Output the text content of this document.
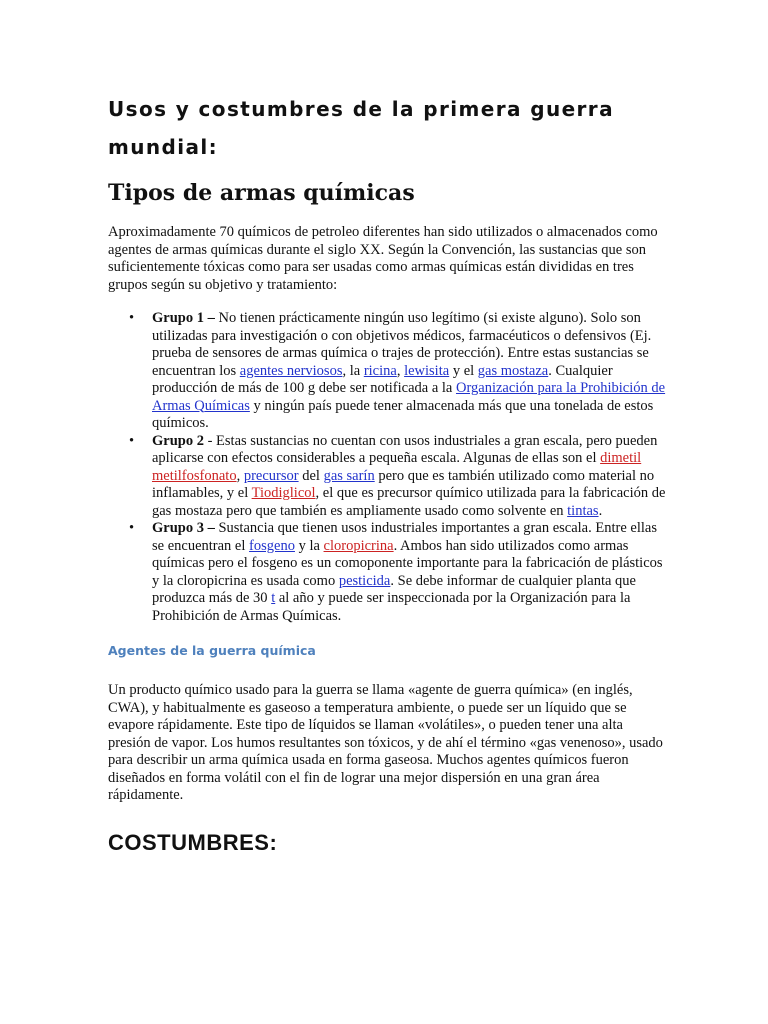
Usos y costumbres de la primera guerra mundial:
Tipos de armas químicas

Aproximadamente 70 químicos de petroleo diferentes han sido utilizados o almacenados como agentes de armas químicas durante el siglo XX. Según la Convención, las sustancias que son suficientemente tóxicas como para ser usadas como armas químicas están divididas en tres grupos según su objetivo y tratamiento:

• Grupo 1 – No tienen prácticamente ningún uso legítimo (si existe alguno). Solo son utilizadas para investigación o con objetivos médicos, farmacéuticos o defensivos (Ej. prueba de sensores de armas química o trajes de protección). Entre estas sustancias se encuentran los agentes nerviosos, la ricina, lewisita y el gas mostaza. Cualquier producción de más de 100 g debe ser notificada a la Organización para la Prohibición de Armas Químicas y ningún país puede tener almacenada más que una tonelada de estos químicos.
• Grupo 2 - Estas sustancias no cuentan con usos industriales a gran escala, pero pueden aplicarse con efectos considerables a pequeña escala. Algunas de ellas son el dimetil metilfosfonato, precursor del gas sarín pero que es también utilizado como material no inflamables, y el Tiodiglicol, el que es precursor químico utilizada para la fabricación de gas mostaza pero que también es ampliamente usado como solvente en tintas.
• Grupo 3 – Sustancia que tienen usos industriales importantes a gran escala. Entre ellas se encuentran el fosgeno y la cloropicrina. Ambos han sido utilizados como armas químicas pero el fosgeno es un comoponente importante para la fabricación de plásticos y la cloropicrina es usada como pesticida. Se debe informar de cualquier planta que produzca más de 30 t al año y puede ser inspeccionada por la Organización para la Prohibición de Armas Químicas.
Agentes de la guerra química

Un producto químico usado para la guerra se llama «agente de guerra química» (en inglés, CWA), y habitualmente es gaseoso a temperatura ambiente, o puede ser un líquido que se evapore rápidamente. Este tipo de líquidos se llaman «volátiles», o pueden tener una alta presión de vapor. Los humos resultantes son tóxicos, y de ahí el término «gas venenoso», usado para describir un arma química usada en forma gaseosa. Muchos agentes químicos fueron diseñados en forma volátil con el fin de lograr una mejor dispersión en una gran área rápidamente.

COSTUMBRES:
